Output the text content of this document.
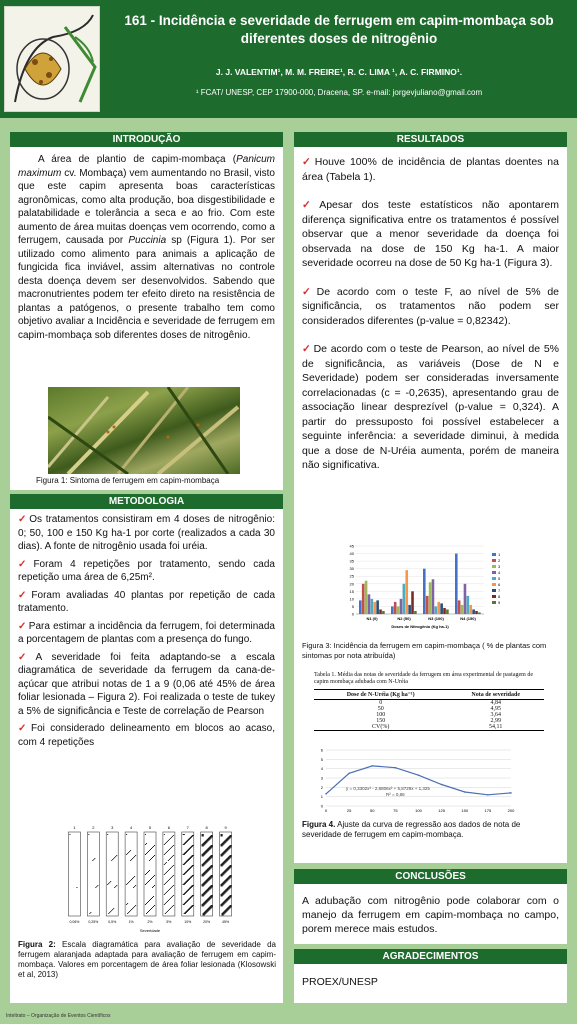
161 - Incidência e severidade de ferrugem em capim-mombaça sob diferentes doses de nitrogênio
J. J. VALENTIM¹, M. M. FREIRE¹, R. C. LIMA ¹, A. C. FIRMINO¹.
¹ FCAT/ UNESP, CEP 17900-000, Dracena, SP. e-mail: jorgevjuliano@gmail.com
INTRODUÇÃO
A área de plantio de capim-mombaça (Panicum maximum cv. Mombaça) vem aumentando no Brasil, visto que este capim apresenta boas características agronômicas, como alta produção, boa disgestibilidade e palatabilidade e tolerância a seca e ao frio. Com este aumento de área muitas doenças vem ocorrendo, como a ferrugem, causada por Puccinia sp (Figura 1). Por ser utilizado como alimento para animais a aplicação de fungicida fica inviável, assim alternativas no controle desta doença devem ser desenvolvidos. Sabendo que macronutrientes podem ter efeito direto na resistência de plantas a patógenos, o presente trabalho tem como objetivo avaliar a Incidência e severidade de ferrugem em capim-mombaça sob diferentes doses de nitrogênio.
Figura 1: Sintoma de ferrugem em capim-mombaça
METODOLOGIA
✓ Os tratamentos consistiram em 4 doses de nitrogênio: 0; 50, 100 e 150 Kg ha-1 por corte (realizados a cada 30 dias). A fonte de nitrogênio usada foi uréia.
✓ Foram 4 repetições por tratamento, sendo cada repetição uma área de 6,25m².
✓ Foram avaliadas 40 plantas por repetição de cada tratamento.
✓ Para estimar a incidência da ferrugem, foi determinada a porcentagem de plantas com a presença do fungo.
✓ A severidade foi feita adaptando-se a escala diagramática de severidade da ferrugem da cana-de-açúcar que atribui notas de 1 a 9 (0,06 até 45% de área foliar lesionada – Figura 2). Foi realizada o teste de tukey a 5% de significância e Teste de correlação de Pearson
✓ Foi considerado delineamento em blocos ao acaso, com 4 repetições
1
0,06%
2
0,25%
3
0,5%
4
1%
5
2%
6
5%
7
10%
8
20%
9
45%
Severidade
Figura 2: Escala diagramática para avaliação de severidade da ferrugem alaranjada adaptada para avaliação de ferrugem em capim-mombaça. Valores em porcentagem de área foliar lesionada (Klosowski et al, 2013)
RESULTADOS
✓ Houve 100% de incidência de plantas doentes na área (Tabela 1).
✓ Apesar dos teste estatísticos não apontarem diferença significativa entre os tratamentos é possível observar que a menor severidade da doença foi observada na dose de 150 Kg ha-1. A maior severidade ocorreu na dose de 50 Kg ha-1 (Figura 3).
✓ De acordo com o teste F, ao nível de 5% de significância, os tratamentos não podem ser considerados diferentes (p-value = 0,82342).
✓ De acordo com o teste de Pearson, ao nível de 5% de significância, as variáveis (Dose de N e Severidade) podem ser consideradas inversamente correlacionadas (c = -0,2635), apresentando grau de associação linear desprezível (p-value = 0,324). A partir do pressuposto foi possível estabelecer a seguinte inferência: a severidade diminui, à medida que a dose de N-Uréia aumenta, porém de maneira não significativa.
0
5
10
15
20
25
30
35
40
45
N1 (0)	N2 (50)	N3 (100)	N4 (150)
Doses de Nitrogênio (Kg ha-1)
1
2
3
4
5
6
7
8
9
Figura 3: Incidência da ferrugem em capim-mombaça ( % de plantas com sintomas por nota atribuída)
Tabela 1. Média das notas de severidade da ferrugem em área experimental de pastagem de capim mombaça adubada com N-Uréia
Dose de N-Uréia (Kg ha⁻¹)	Nota de severidade
0	4,84
50	4,95
100	3,64
150	2,99
CV(%)	54,11
0
1
2
3
4
5
6
0	25	50	75	100	125	150	175	200
y = 0,3302x³ - 2,6806x² + 5,8729x + 1,325
R² = 0,86
Figura 4. Ajuste da curva de regressão aos dados de nota de severidade de ferrugem em capim-mombaça.
CONCLUSÕES
A adubação com nitrogênio pode colaborar com o manejo da ferrugem em capim-mombaça no campo, porem merece mais estudos.
AGRADECIMENTOS
PROEX/UNESP
Inteltrato – Organização de Eventos Científicos
